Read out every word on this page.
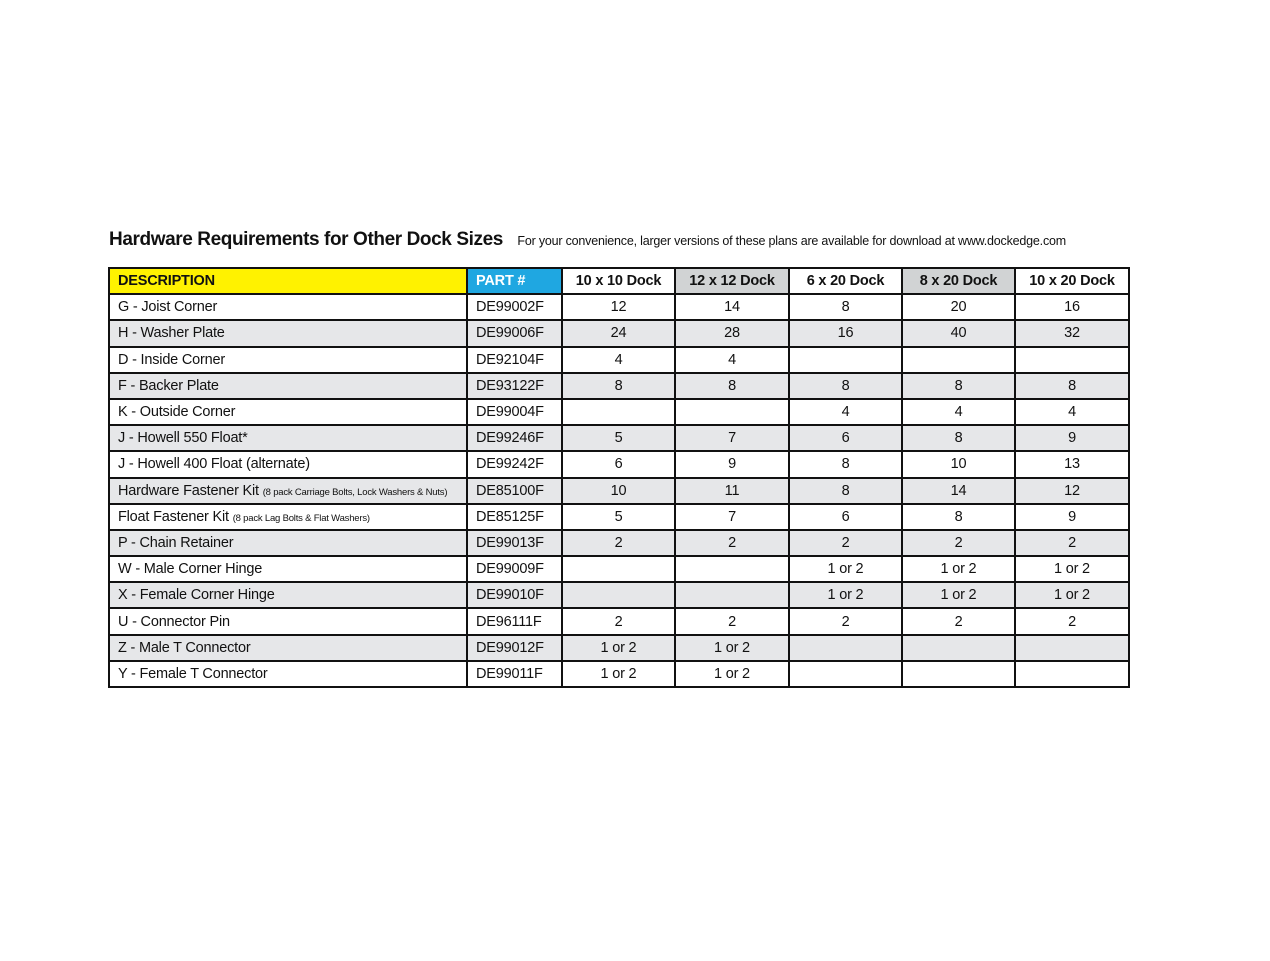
Hardware Requirements for Other Dock Sizes For your convenience, larger versions of these plans are available for download at www.dockedge.com
DESCRIPTION	PART #	10 x 10 Dock	12 x 12 Dock	6 x 20 Dock	8 x 20 Dock	10 x 20 Dock
G - Joist Corner	DE99002F	12	14	8	20	16
H - Washer Plate	DE99006F	24	28	16	40	32
D - Inside Corner	DE92104F	4	4			
F - Backer Plate	DE93122F	8	8	8	8	8
K - Outside Corner	DE99004F			4	4	4
J - Howell 550 Float*	DE99246F	5	7	6	8	9
J - Howell 400 Float (alternate)	DE99242F	6	9	8	10	13
Hardware Fastener Kit (8 pack Carriage Bolts, Lock Washers & Nuts)	DE85100F	10	11	8	14	12
Float Fastener Kit (8 pack Lag Bolts & Flat Washers)	DE85125F	5	7	6	8	9
P - Chain Retainer	DE99013F	2	2	2	2	2
W - Male Corner Hinge	DE99009F			1 or 2	1 or 2	1 or 2
X - Female Corner Hinge	DE99010F			1 or 2	1 or 2	1 or 2
U - Connector Pin	DE96111F	2	2	2	2	2
Z - Male T Connector	DE99012F	1 or 2	1 or 2			
Y - Female T Connector	DE99011F	1 or 2	1 or 2			
